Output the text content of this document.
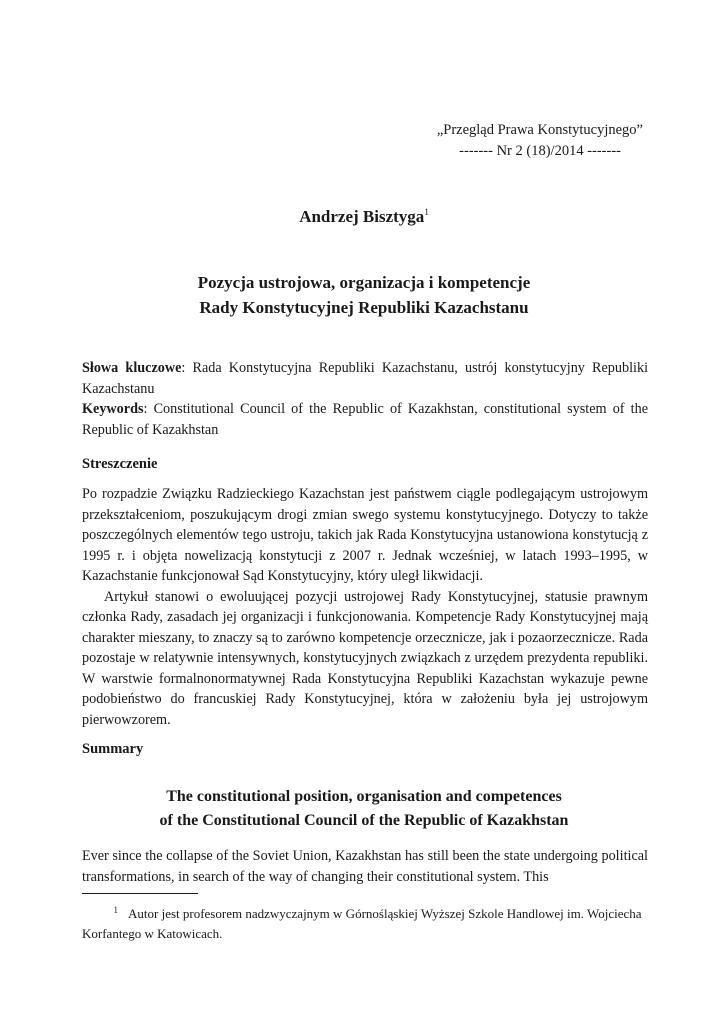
„Przegląd Prawa Konstytucyjnego”
------- Nr 2 (18)/2014 -------
Andrzej Bisztyga$^1$
Pozycja ustrojowa, organizacja i kompetencje
Rady Konstytucyjnej Republiki Kazachstanu

Słowa kluczowe: Rada Konstytucyjna Republiki Kazachstanu, ustrój konstytucyjny Republiki Kazachstanu

Keywords: Constitutional Council of the Republic of Kazakhstan, constitutional system of the Republic of Kazakhstan

Streszczenie

Po rozpadzie Związku Radzieckiego Kazachstan jest państwem ciągle podlegającym ustrojowym przekształceniom, poszukującym drogi zmian swego systemu konstytucyjnego. Dotyczy to także poszczególnych elementów tego ustroju, takich jak Rada Konstytucyjna ustanowiona konstytucją z 1995 r. i objęta nowelizacją konstytucji z 2007 r. Jednak wcześniej, w latach 1993–1995, w Kazachstanie funkcjonował Sąd Konstytucyjny, który uległ likwidacji.

Artykuł stanowi o ewoluującej pozycji ustrojowej Rady Konstytucyjnej, statusie prawnym członka Rady, zasadach jej organizacji i funkcjonowania. Kompetencje Rady Konstytucyjnej mają charakter mieszany, to znaczy są to zarówno kompetencje orzecznicze, jak i pozaorzecznicze. Rada pozostaje w relatywnie intensywnych, konstytucyjnych związkach z urzędem prezydenta republiki. W warstwie formalnonormatywnej Rada Konstytucyjna Republiki Kazachstan wykazuje pewne podobieństwo do francuskiej Rady Konstytucyjnej, która w założeniu była jej ustrojowym pierwowzorem.

Summary
The constitutional position, organisation and competences
of the Constitutional Council of the Republic of Kazakhstan

Ever since the collapse of the Soviet Union, Kazakhstan has still been the state undergoing political transformations, in search of the way of changing their constitutional system. This

1 Autor jest profesorem nadzwyczajnym w Górnośląskiej Wyższej Szkole Handlowej im. Wojciecha Korfantego w Katowicach.
